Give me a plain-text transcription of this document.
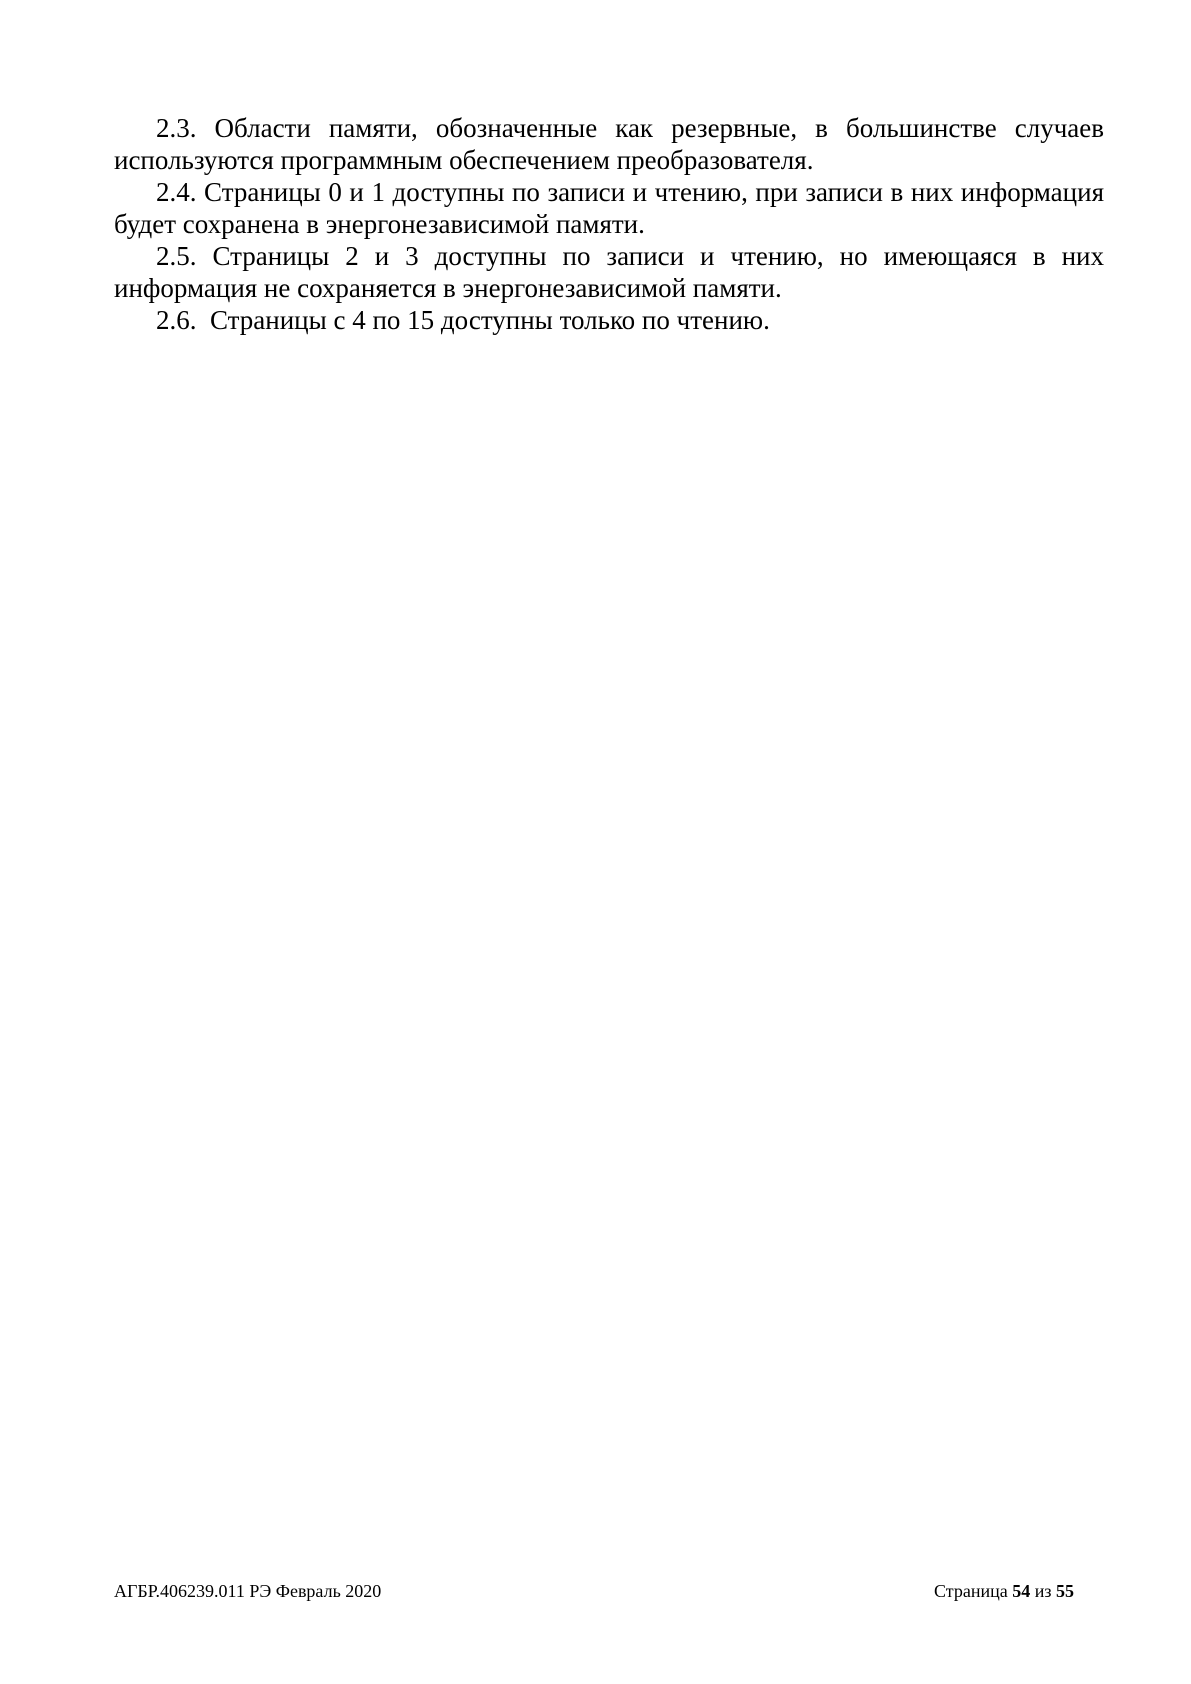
2.3. Области памяти, обозначенные как резервные, в большинстве случаев используются программным обеспечением преобразователя.

2.4. Страницы 0 и 1 доступны по записи и чтению, при записи в них информация будет сохранена в энергонезависимой памяти.

2.5. Страницы 2 и 3 доступны по записи и чтению, но имеющаяся в них информация не сохраняется в энергонезависимой памяти.

2.6.  Страницы с 4 по 15 доступны только по чтению.

АГБР.406239.011 РЭ Февраль 2020	Страница 54 из 55
